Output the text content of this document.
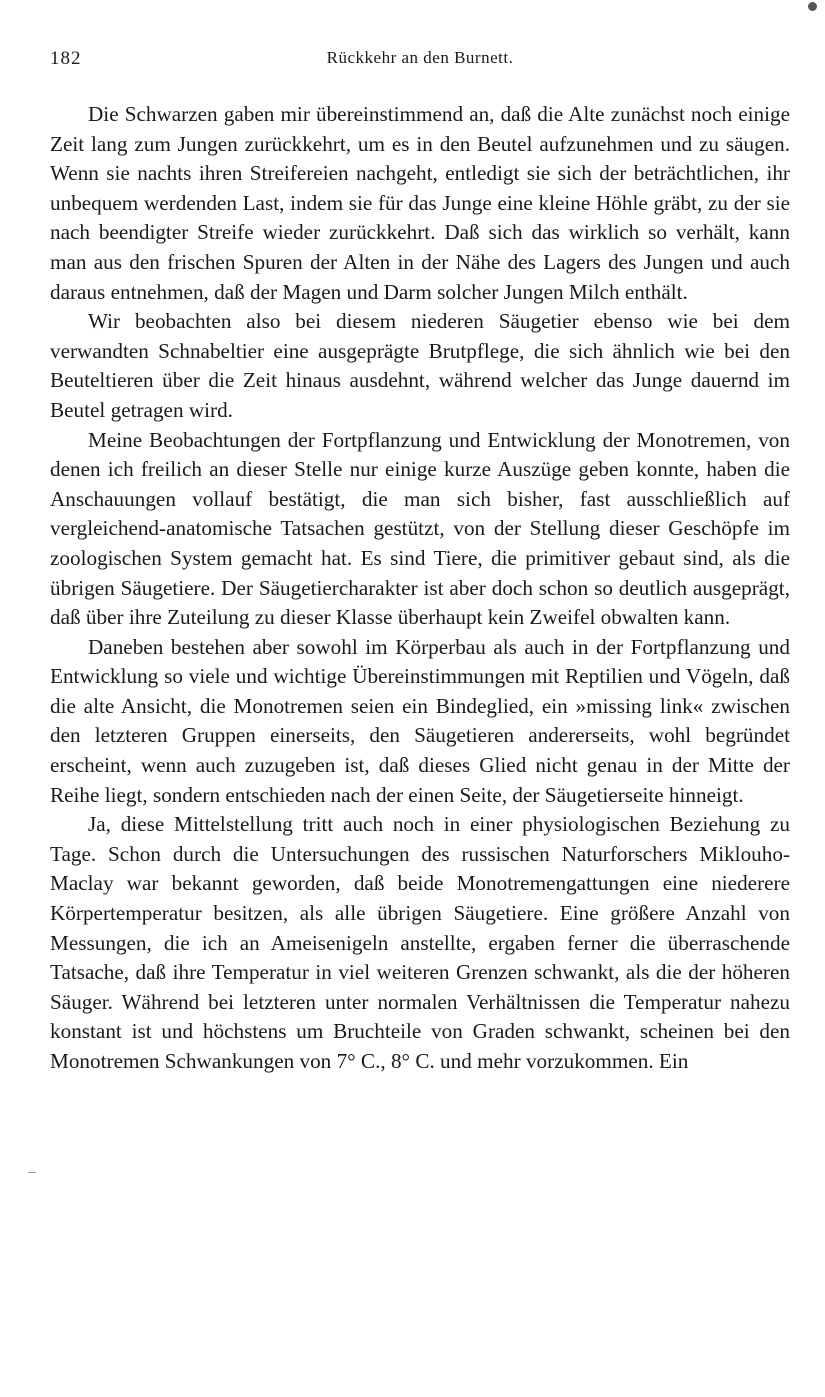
182	Rückkehr an den Burnett.

Die Schwarzen gaben mir übereinstimmend an, daß die Alte zunächst noch einige Zeit lang zum Jungen zurückkehrt, um es in den Beutel aufzunehmen und zu säugen. Wenn sie nachts ihren Streifereien nachgeht, entledigt sie sich der beträchtlichen, ihr unbequem werdenden Last, indem sie für das Junge eine kleine Höhle gräbt, zu der sie nach beendigter Streife wieder zurückkehrt. Daß sich das wirklich so verhält, kann man aus den frischen Spuren der Alten in der Nähe des Lagers des Jungen und auch daraus entnehmen, daß der Magen und Darm solcher Jungen Milch enthält.

Wir beobachten also bei diesem niederen Säugetier ebenso wie bei dem verwandten Schnabeltier eine ausgeprägte Brutpflege, die sich ähnlich wie bei den Beuteltieren über die Zeit hinaus ausdehnt, während welcher das Junge dauernd im Beutel getragen wird.

Meine Beobachtungen der Fortpflanzung und Entwicklung der Monotremen, von denen ich freilich an dieser Stelle nur einige kurze Auszüge geben konnte, haben die Anschauungen vollauf bestätigt, die man sich bisher, fast ausschließlich auf vergleichend-anatomische Tatsachen gestützt, von der Stellung dieser Geschöpfe im zoologischen System gemacht hat. Es sind Tiere, die primitiver gebaut sind, als die übrigen Säugetiere. Der Säugetiercharakter ist aber doch schon so deutlich ausgeprägt, daß über ihre Zuteilung zu dieser Klasse überhaupt kein Zweifel obwalten kann.

Daneben bestehen aber sowohl im Körperbau als auch in der Fortpflanzung und Entwicklung so viele und wichtige Übereinstimmungen mit Reptilien und Vögeln, daß die alte Ansicht, die Monotremen seien ein Bindeglied, ein »missing link« zwischen den letzteren Gruppen einerseits, den Säugetieren andererseits, wohl begründet erscheint, wenn auch zuzugeben ist, daß dieses Glied nicht genau in der Mitte der Reihe liegt, sondern entschieden nach der einen Seite, der Säugetierseite hinneigt.

Ja, diese Mittelstellung tritt auch noch in einer physiologischen Beziehung zu Tage. Schon durch die Untersuchungen des russischen Naturforschers Miklouho-Maclay war bekannt geworden, daß beide Monotremengattungen eine niederere Körpertemperatur besitzen, als alle übrigen Säugetiere. Eine größere Anzahl von Messungen, die ich an Ameisenigeln anstellte, ergaben ferner die überraschende Tatsache, daß ihre Temperatur in viel weiteren Grenzen schwankt, als die der höheren Säuger. Während bei letzteren unter normalen Verhältnissen die Temperatur nahezu konstant ist und höchstens um Bruchteile von Graden schwankt, scheinen bei den Monotremen Schwankungen von 7° C., 8° C. und mehr vorzukommen. Ein
